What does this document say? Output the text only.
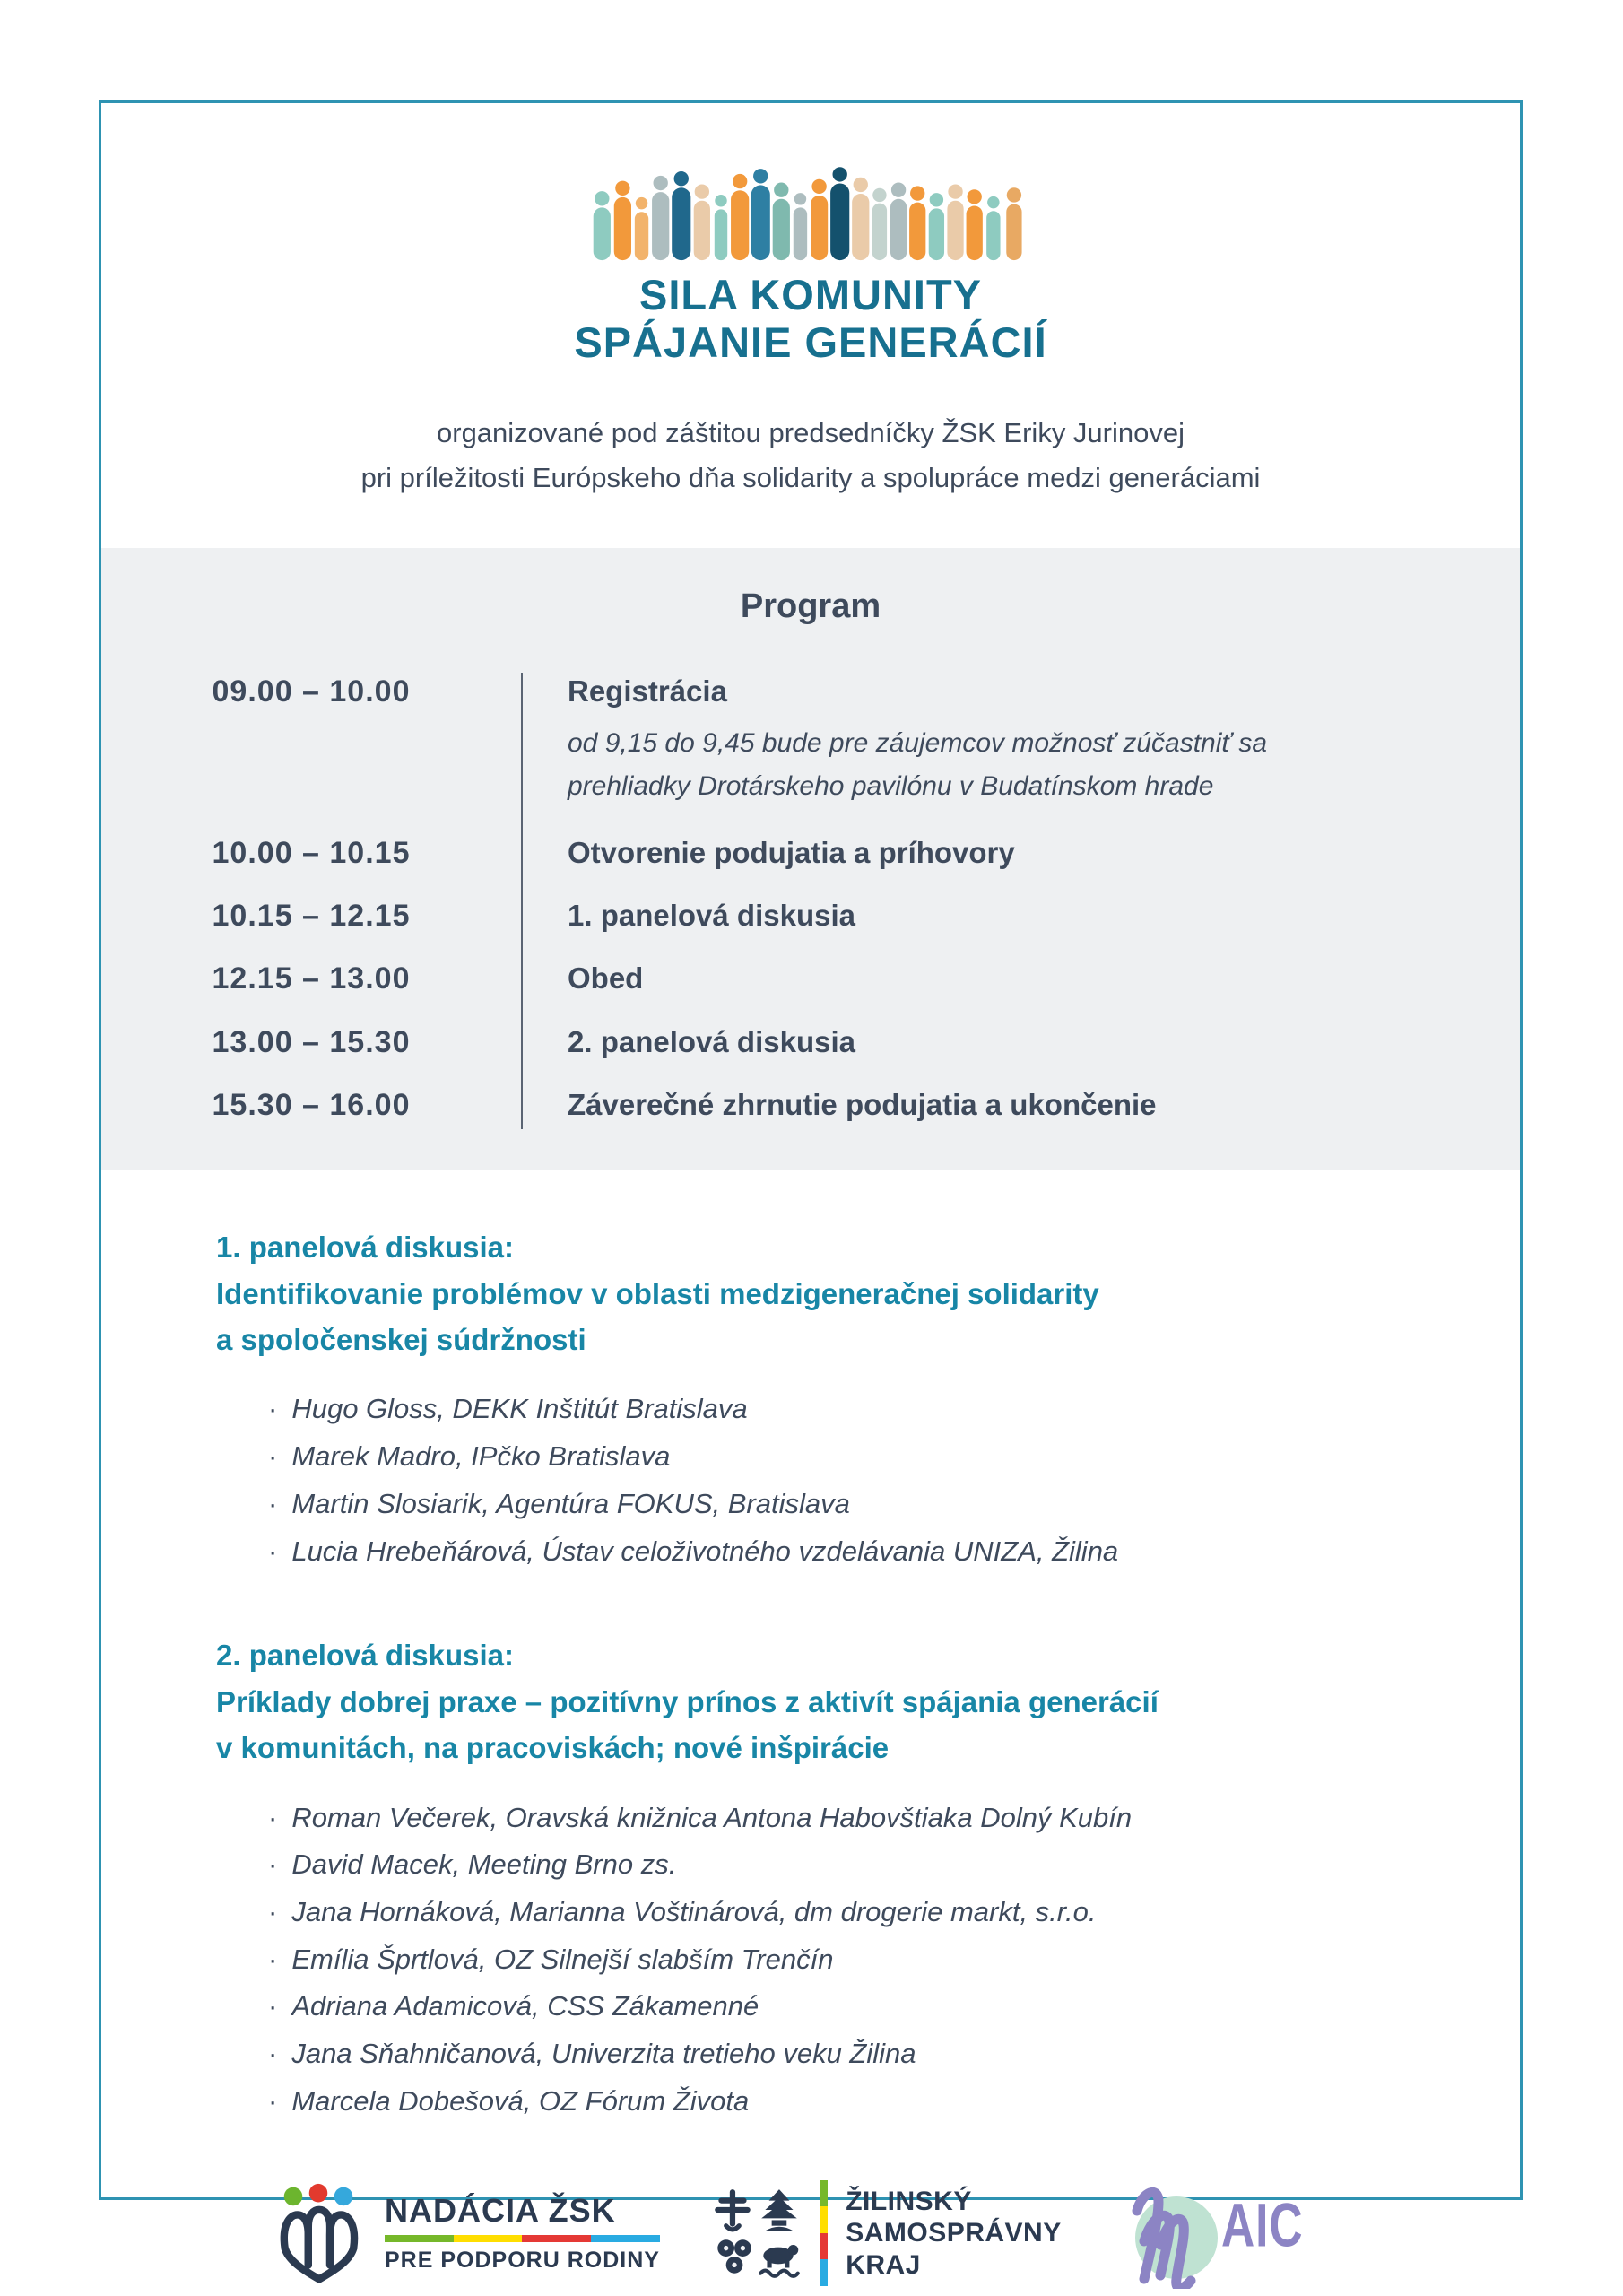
SILA KOMUNITY
SPÁJANIE GENERÁCIÍ
organizované pod záštitou predsedníčky ŽSK Eriky Jurinovej
pri príležitosti Európskeho dňa solidarity a spolupráce medzi generáciami
Program
09.00 – 10.00	Registrácia
od 9,15 do 9,45 bude pre záujemcov možnosť zúčastniť sa
prehliadky Drotárskeho pavilónu v Budatínskom hrade
10.00 – 10.15	Otvorenie podujatia a príhovory
10.15 – 12.15	1. panelová diskusia
12.15 – 13.00	Obed
13.00 – 15.30	2. panelová diskusia
15.30 – 16.00	Záverečné zhrnutie podujatia a ukončenie
1. panelová diskusia:
Identifikovanie problémov v oblasti medzigeneračnej solidarity
a spoločenskej súdržnosti
· Hugo Gloss, DEKK Inštitút Bratislava
· Marek Madro, IPčko Bratislava
· Martin Slosiarik, Agentúra FOKUS, Bratislava
· Lucia Hrebeňárová, Ústav celoživotného vzdelávania UNIZA, Žilina
2. panelová diskusia:
Príklady dobrej praxe – pozitívny prínos z aktivít spájania generácií
v komunitách, na pracoviskách; nové inšpirácie
· Roman Večerek, Oravská knižnica Antona Habovštiaka Dolný Kubín
· David Macek, Meeting Brno zs.
· Jana Hornáková, Marianna Voštinárová, dm drogerie markt, s.r.o.
· Emília Šprtlová, OZ Silnejší slabším Trenčín
· Adriana Adamicová, CSS Zákamenné
· Jana Sňahničanová, Univerzita tretieho veku Žilina
· Marcela Dobešová, OZ Fórum Života
NADÁCIA ŽSK
PRE PODPORU RODINY
ŽILINSKÝ
SAMOSPRÁVNY
KRAJ
AIC
